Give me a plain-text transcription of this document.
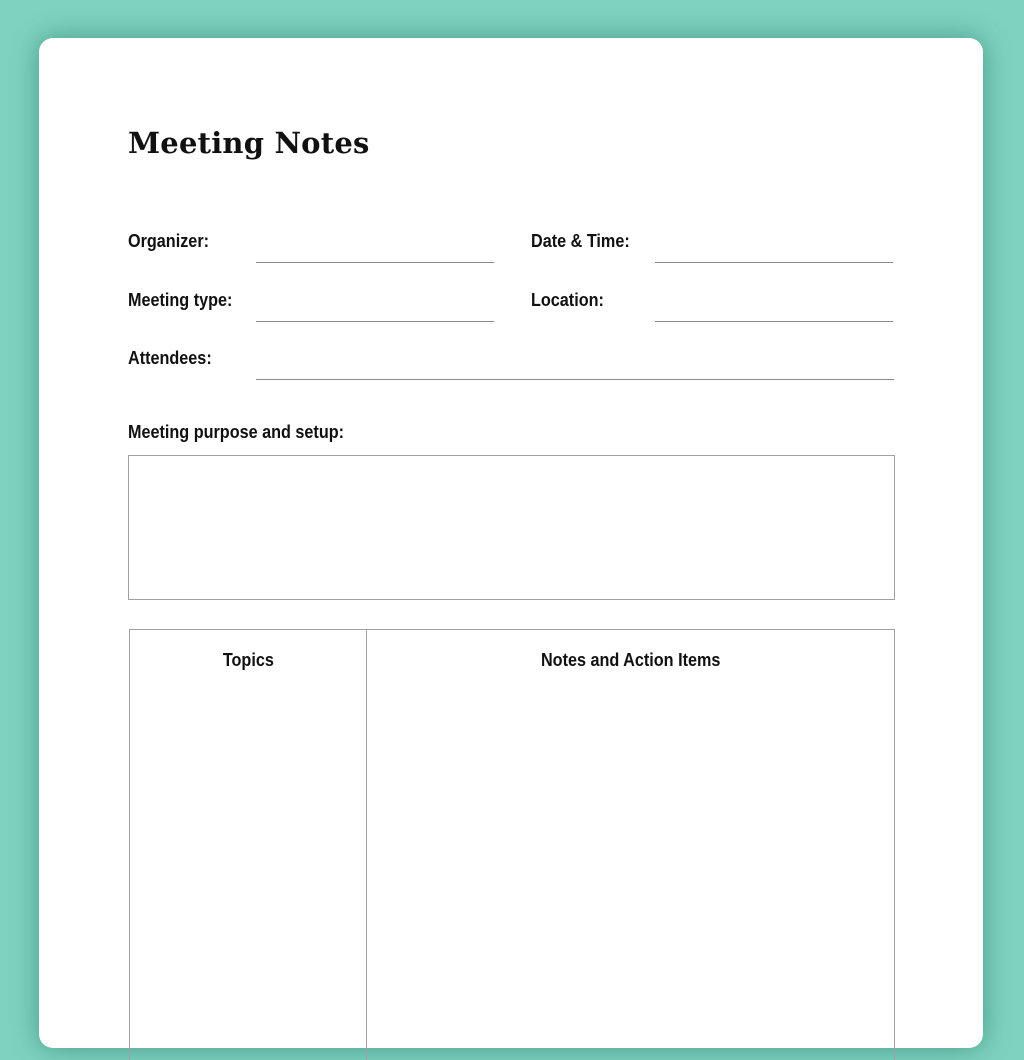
Meeting Notes
Organizer:	Date & Time:
Meeting type:	Location:
Attendees:
Meeting purpose and setup:
Topics	Notes and Action Items
